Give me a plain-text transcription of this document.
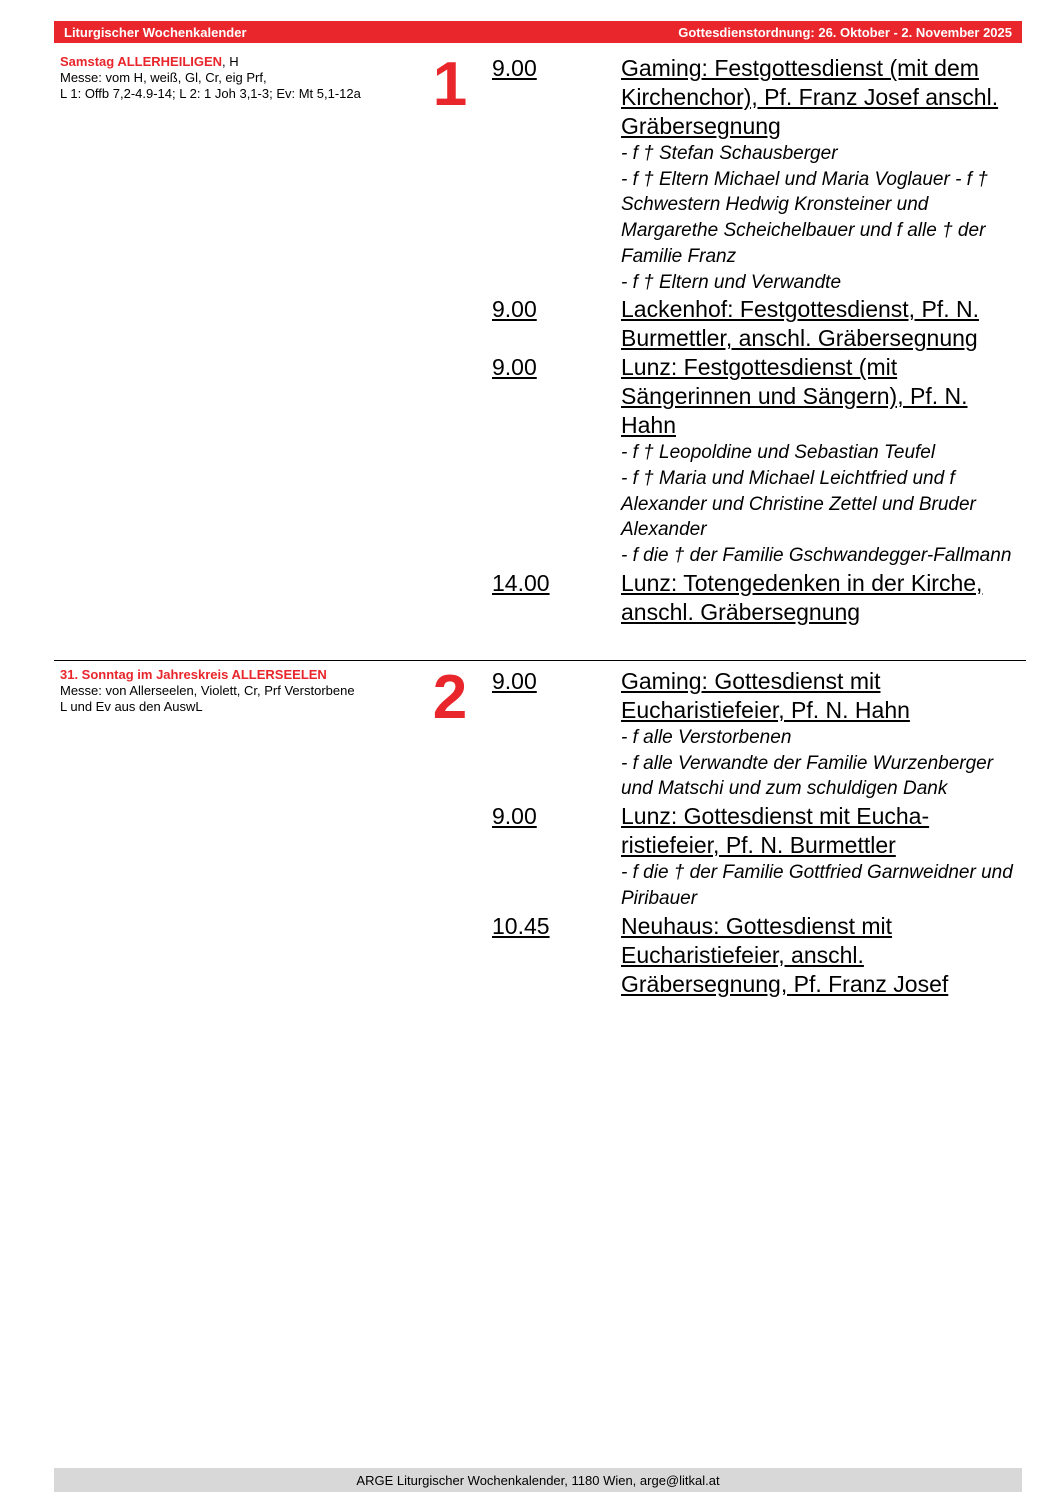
Liturgischer Wochenkalender	Gottesdienstordnung: 26. Oktober - 2. November 2025
Samstag ALLERHEILIGEN, H
Messe: vom H, weiß, Gl, Cr, eig Prf,
L 1: Offb 7,2-4.9-14; L 2: 1 Joh 3,1-3; Ev: Mt 5,1-12a	1 9.00	Gaming: Festgottesdienst (mit dem Kirchenchor), Pf. Franz Josef anschl. Gräbersegnung
- f † Stefan Schausberger
- f † Eltern Michael und Maria Voglauer - f † Schwestern Hedwig Kronsteiner und Margarethe Scheichelbauer und f alle † der Familie Franz
- f † Eltern und Verwandte
9.00	Lackenhof: Festgottesdienst, Pf. N. Burmettler, anschl. Gräbersegnung
9.00	Lunz: Festgottesdienst (mit Sängerinnen und Sängern), Pf. N. Hahn
- f † Leopoldine und Sebastian Teufel
- f † Maria und Michael Leichtfried und f Alexander und Christine Zettel und Bruder Alexander
- f die † der Familie Gschwandegger-Fallmann
14.00	Lunz: Totengedenken in der Kirche, anschl. Gräbersegnung
31. Sonntag im Jahreskreis ALLERSEELEN
Messe: von Allerseelen, Violett, Cr, Prf Verstorbene
L und Ev aus den AuswL	2 9.00	Gaming: Gottesdienst mit Eucharistiefeier, Pf. N. Hahn
- f alle Verstorbenen
- f alle Verwandte der Familie Wurzenberger und Matschi und zum schuldigen Dank
9.00	Lunz: Gottesdienst mit Eucha-ristiefeier, Pf. N. Burmettler
- f die † der Familie Gottfried Garnweidner und Piribauer
10.45	Neuhaus: Gottesdienst mit Eucharistiefeier, anschl. Gräbersegnung, Pf. Franz Josef
ARGE Liturgischer Wochenkalender, 1180 Wien, arge@litkal.at
